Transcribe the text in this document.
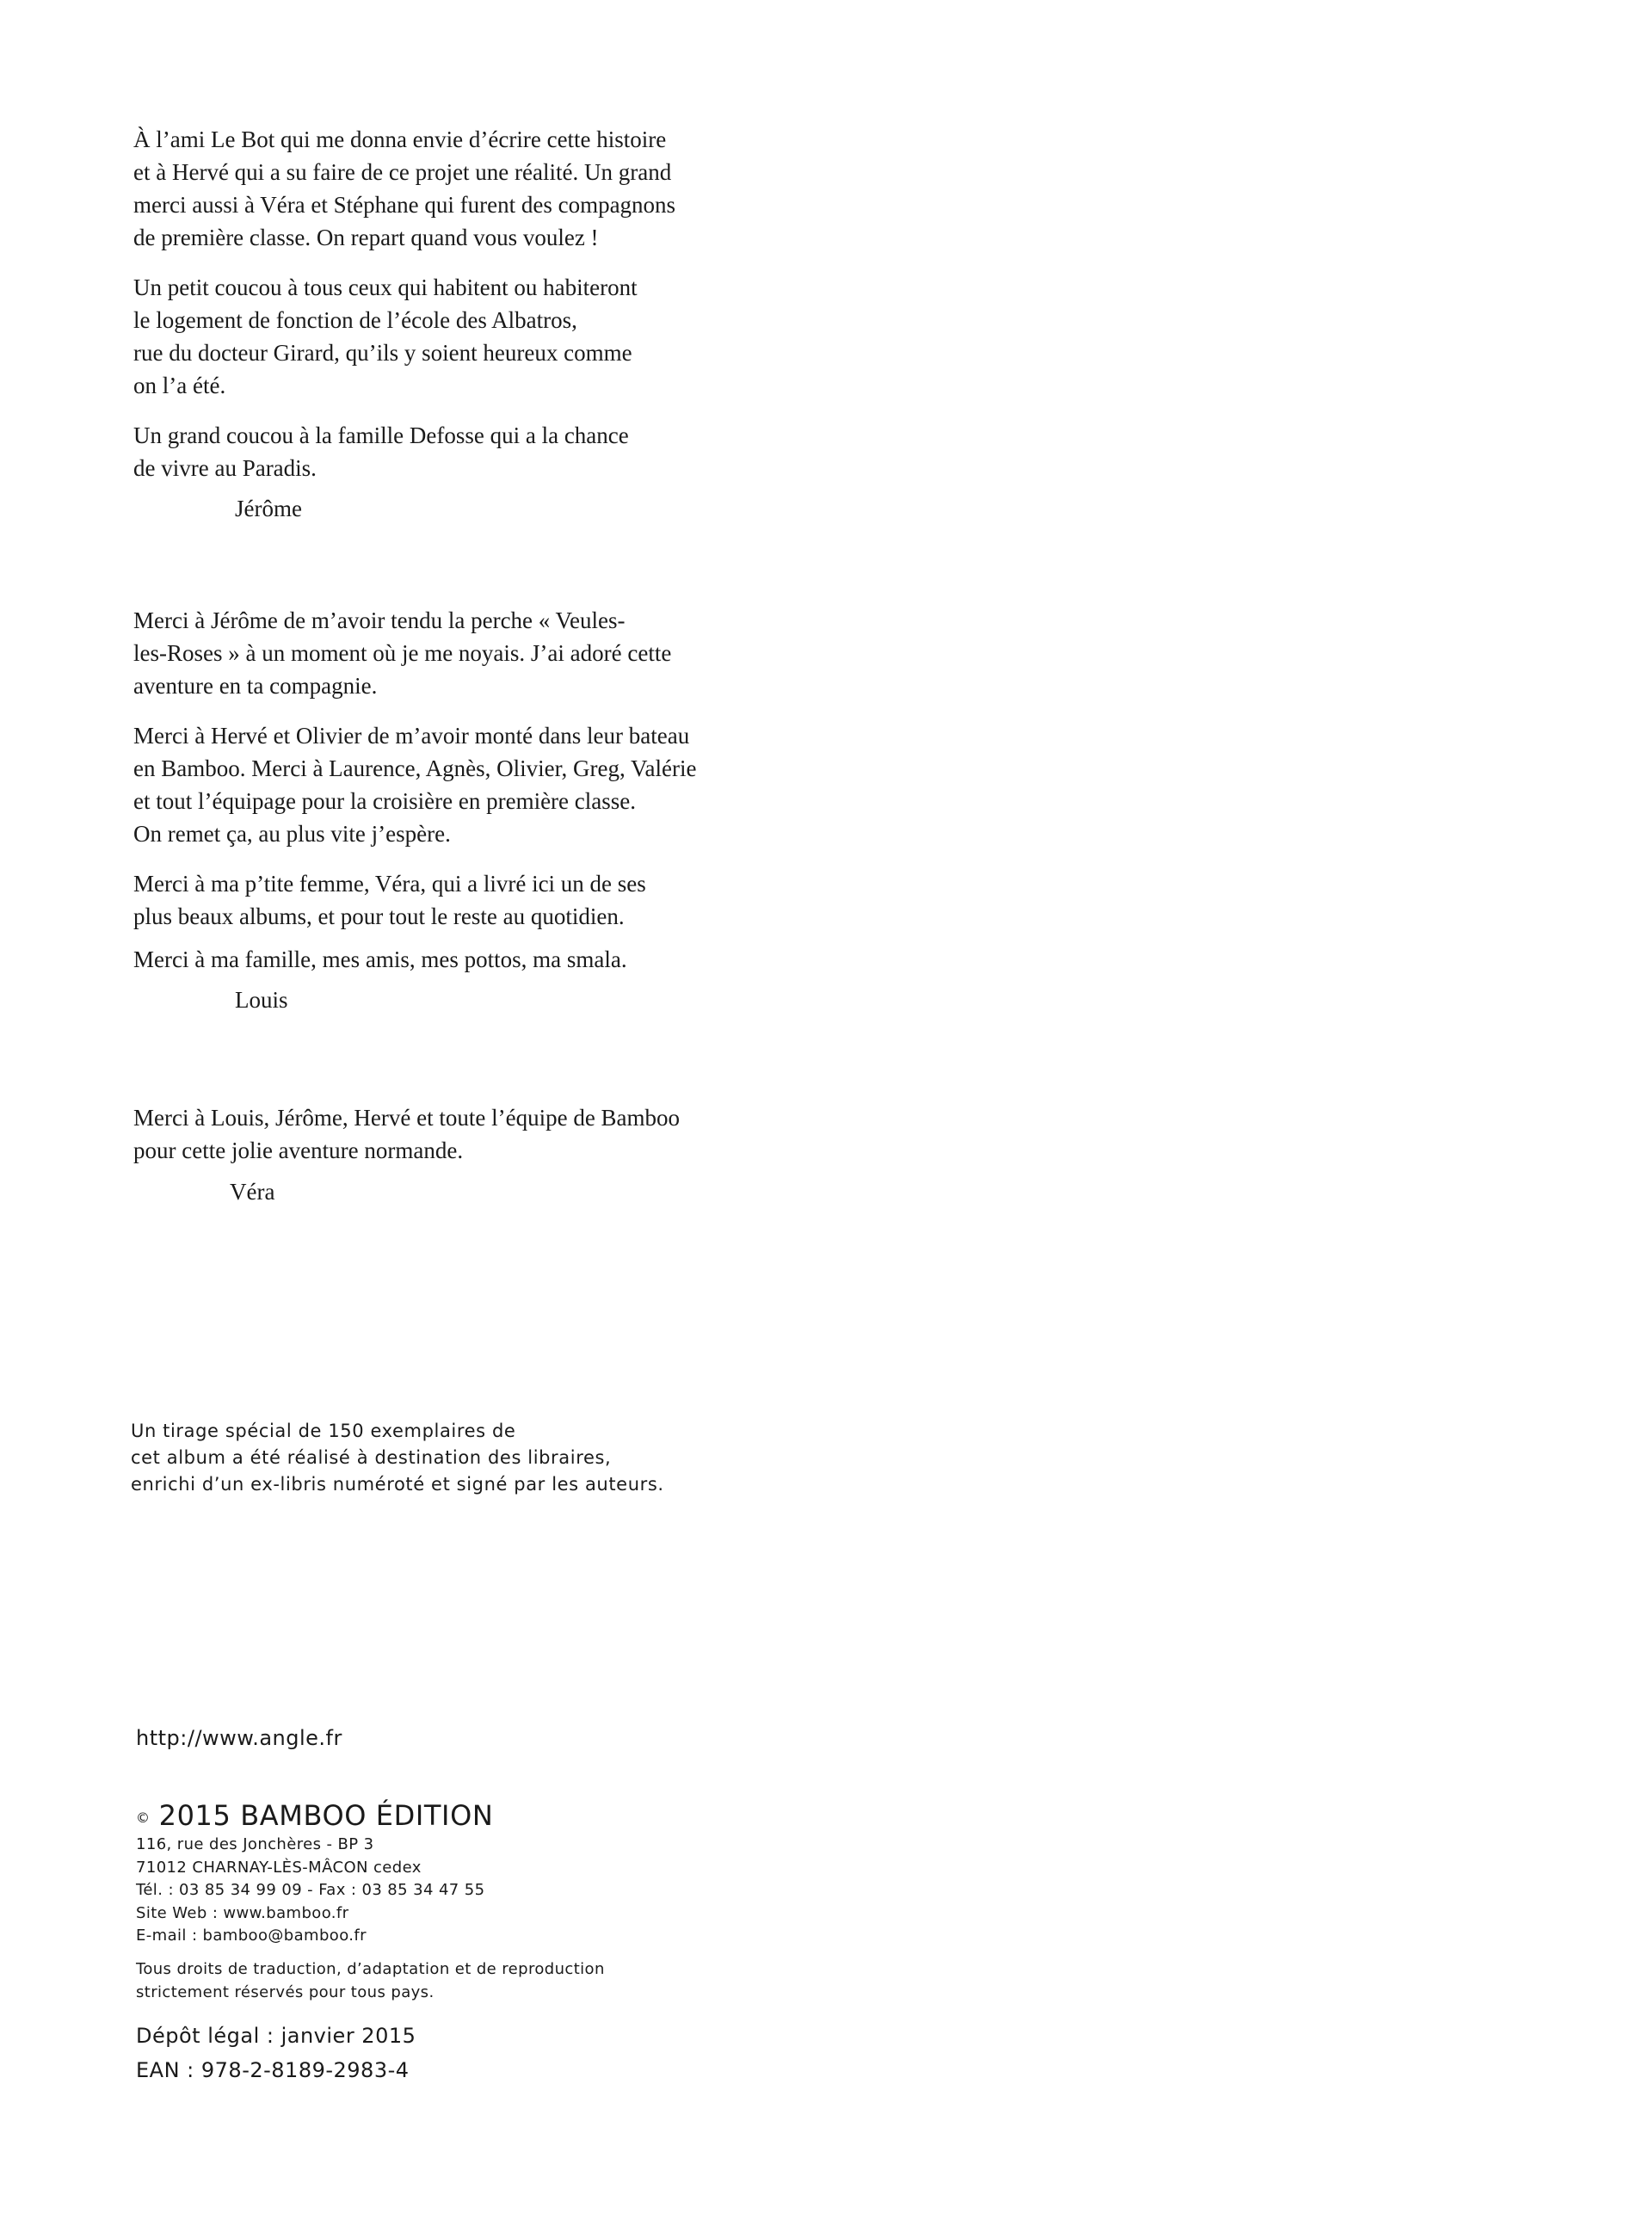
À l’ami Le Bot qui me donna envie d’écrire cette histoire
et à Hervé qui a su faire de ce projet une réalité. Un grand
merci aussi à Véra et Stéphane qui furent des compagnons
de première classe. On repart quand vous voulez !

Un petit coucou à tous ceux qui habitent ou habiteront
le logement de fonction de l’école des Albatros,
rue du docteur Girard, qu’ils y soient heureux comme
on l’a été.

Un grand coucou à la famille Defosse qui a la chance
de vivre au Paradis.

Jérôme

Merci à Jérôme de m’avoir tendu la perche « Veules-
les-Roses » à un moment où je me noyais. J’ai adoré cette
aventure en ta compagnie.

Merci à Hervé et Olivier de m’avoir monté dans leur bateau
en Bamboo. Merci à Laurence, Agnès, Olivier, Greg, Valérie
et tout l’équipage pour la croisière en première classe.
On remet ça, au plus vite j’espère.

Merci à ma p’tite femme, Véra, qui a livré ici un de ses
plus beaux albums, et pour tout le reste au quotidien.

Merci à ma famille, mes amis, mes pottos, ma smala.

Louis

Merci à Louis, Jérôme, Hervé et toute l’équipe de Bamboo
pour cette jolie aventure normande.

Véra

Un tirage spécial de 150 exemplaires de
cet album a été réalisé à destination des libraires,
enrichi d’un ex-libris numéroté et signé par les auteurs.

http://www.angle.fr

© 2015 BAMBOO ÉDITION

116, rue des Jonchères - BP 3
71012 CHARNAY-LÈS-MÂCON cedex
Tél. : 03 85 34 99 09 - Fax : 03 85 34 47 55
Site Web : www.bamboo.fr
E-mail : bamboo@bamboo.fr

Tous droits de traduction, d’adaptation et de reproduction
strictement réservés pour tous pays.

Dépôt légal : janvier 2015

EAN : 978-2-8189-2983-4
